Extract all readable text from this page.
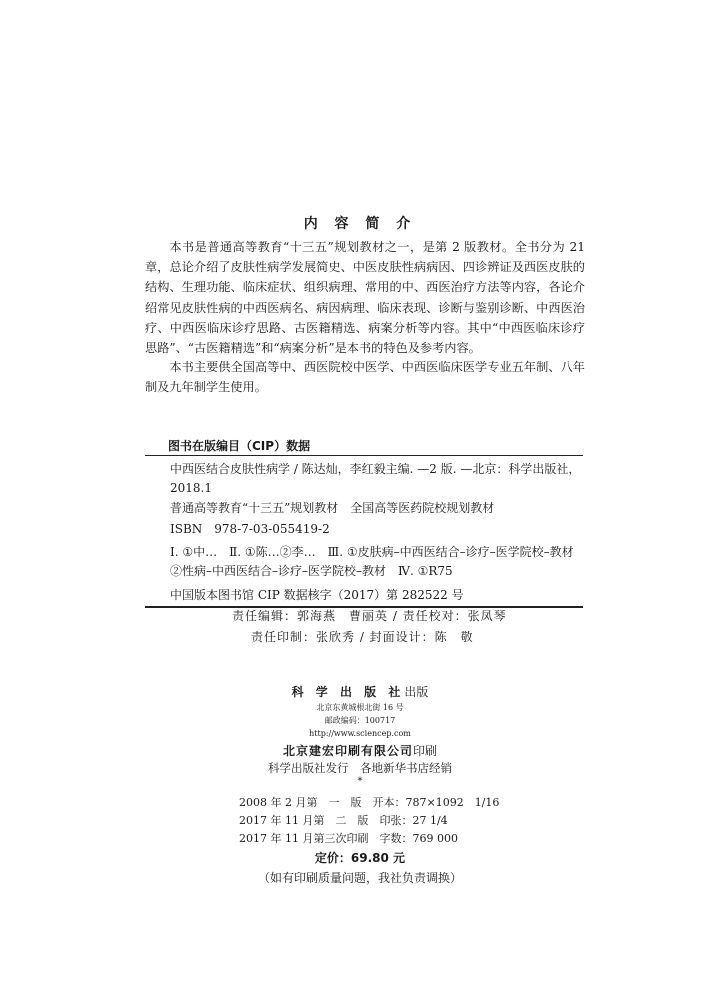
内 容 简 介

本书是普通高等教育“十三五”规划教材之一，是第 2 版教材。全书分为 21 章，总论介绍了皮肤性病学发展简史、中医皮肤性病病因、四诊辨证及西医皮肤的结构、生理功能、临床症状、组织病理、常用的中、西医治疗方法等内容，各论介绍常见皮肤性病的中西医病名、病因病理、临床表现、诊断与鉴别诊断、中西医治疗、中西医临床诊疗思路、古医籍精选、病案分析等内容。其中“中西医临床诊疗思路”、“古医籍精选”和“病案分析”是本书的特色及参考内容。

本书主要供全国高等中、西医院校中医学、中西医临床医学专业五年制、八年制及九年制学生使用。

图书在版编目（CIP）数据

中西医结合皮肤性病学 / 陈达灿，李红毅主编. —2 版. —北京：科学出版社，2018.1

普通高等教育“十三五”规划教材　全国高等医药院校规划教材

ISBN　978-7-03-055419-2

Ⅰ. ①中…　Ⅱ. ①陈…②李…　Ⅲ. ①皮肤病–中西医结合–诊疗–医学院校–教材②性病–中西医结合–诊疗–医学院校–教材　Ⅳ. ①R75

中国版本图书馆 CIP 数据核字（2017）第 282522 号

责任编辑：郭海燕　曹丽英 / 责任校对：张凤琴
责任印制：张欣秀 / 封面设计：陈　敬
科 学 出 版 社出版
北京东黄城根北街 16 号
邮政编码：100717
http://www.sciencep.com
北京建宏印刷有限公司印刷
科学出版社发行　各地新华书店经销
*
2008 年 2 月第　一　版　开本：787×1092　1/16
2017 年 11 月第　二　版　印张：27 1/4
2017 年 11 月第三次印刷　字数：769 000
定价：69.80 元
（如有印刷质量问题，我社负责调换）
